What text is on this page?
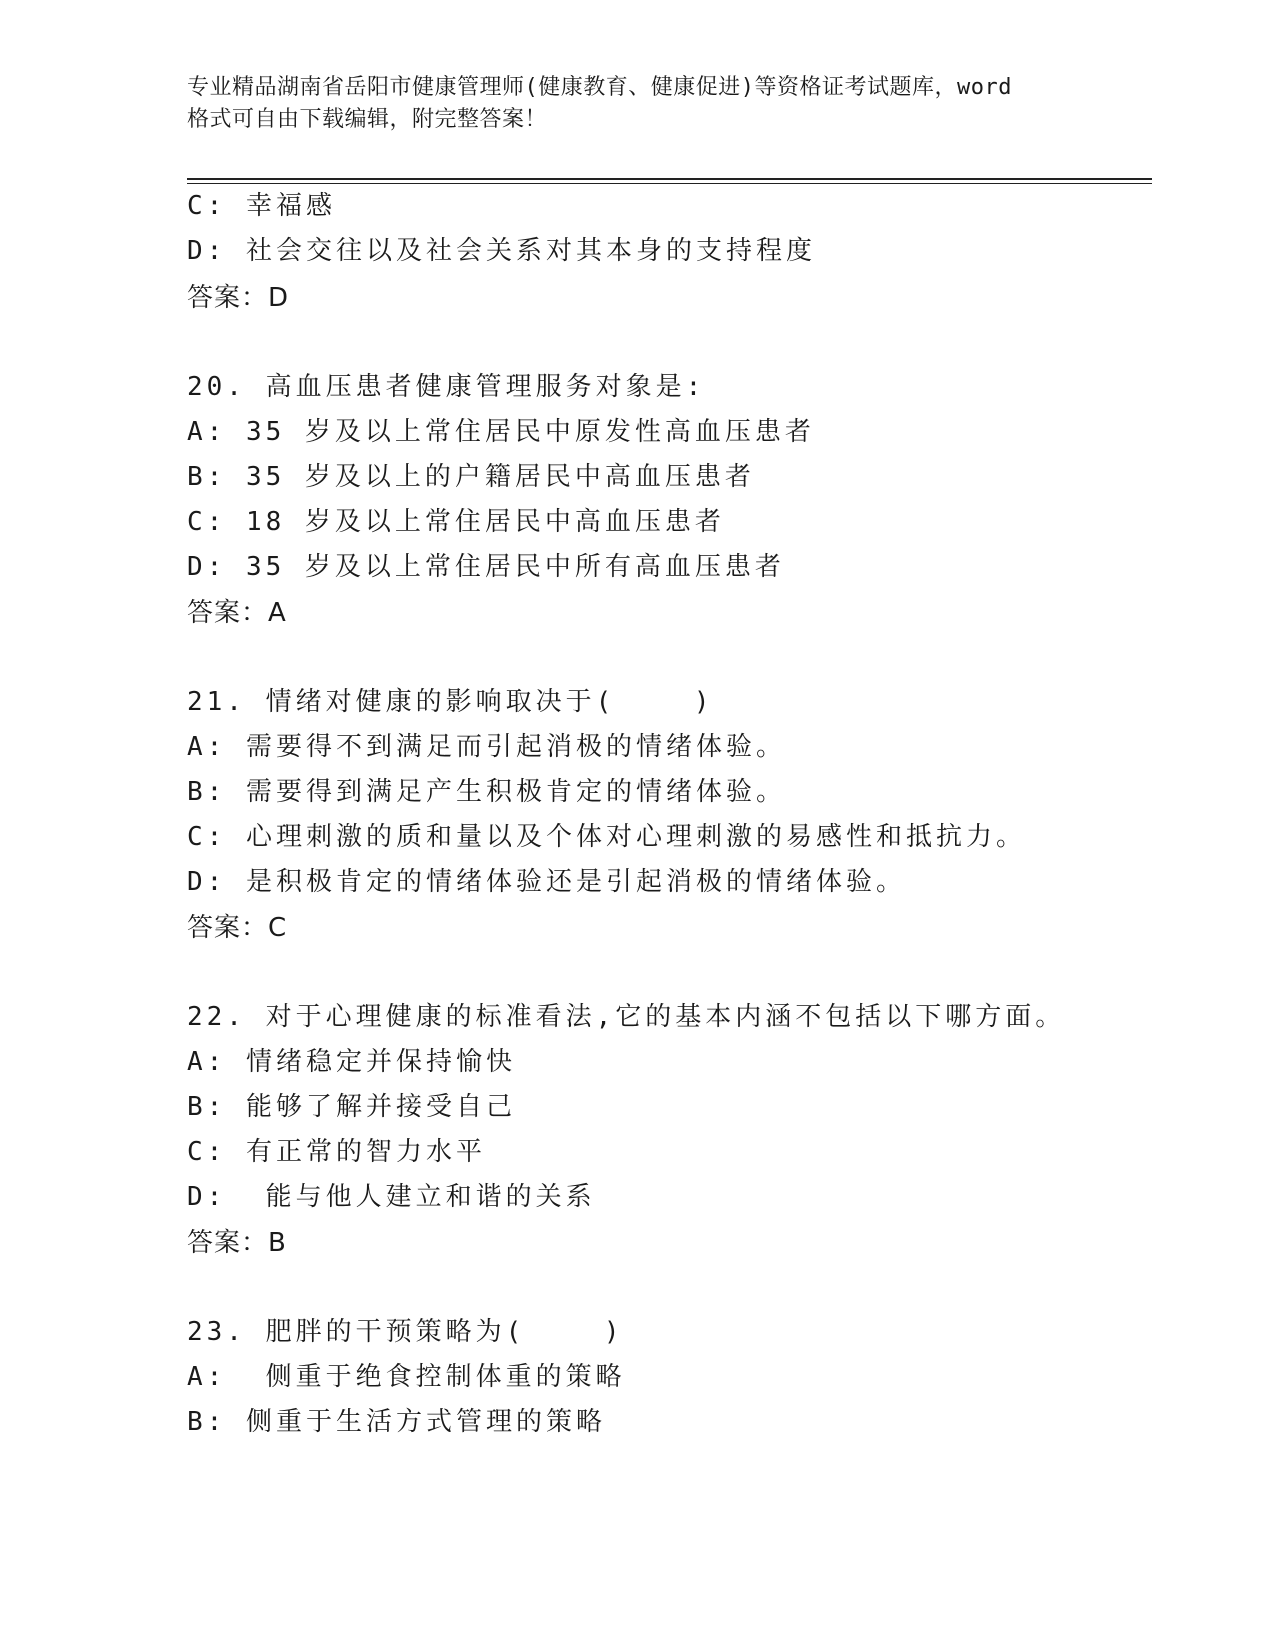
专业精品湖南省岳阳市健康管理师(健康教育、健康促进)等资格证考试题库，word
格式可自由下载编辑，附完整答案！
C: 幸福感
D: 社会交往以及社会关系对其本身的支持程度
答案：D
20. 高血压患者健康管理服务对象是:
A: 35 岁及以上常住居民中原发性高血压患者
B: 35 岁及以上的户籍居民中高血压患者
C: 18 岁及以上常住居民中高血压患者
D: 35 岁及以上常住居民中所有高血压患者
答案：A
21. 情绪对健康的影响取决于(    )
A: 需要得不到满足而引起消极的情绪体验。
B: 需要得到满足产生积极肯定的情绪体验。
C: 心理刺激的质和量以及个体对心理刺激的易感性和抵抗力。
D: 是积极肯定的情绪体验还是引起消极的情绪体验。
答案：C
22. 对于心理健康的标准看法,它的基本内涵不包括以下哪方面。
A: 情绪稳定并保持愉快
B: 能够了解并接受自己
C: 有正常的智力水平
D:  能与他人建立和谐的关系
答案：B
23. 肥胖的干预策略为(    )
A:  侧重于绝食控制体重的策略
B: 侧重于生活方式管理的策略
